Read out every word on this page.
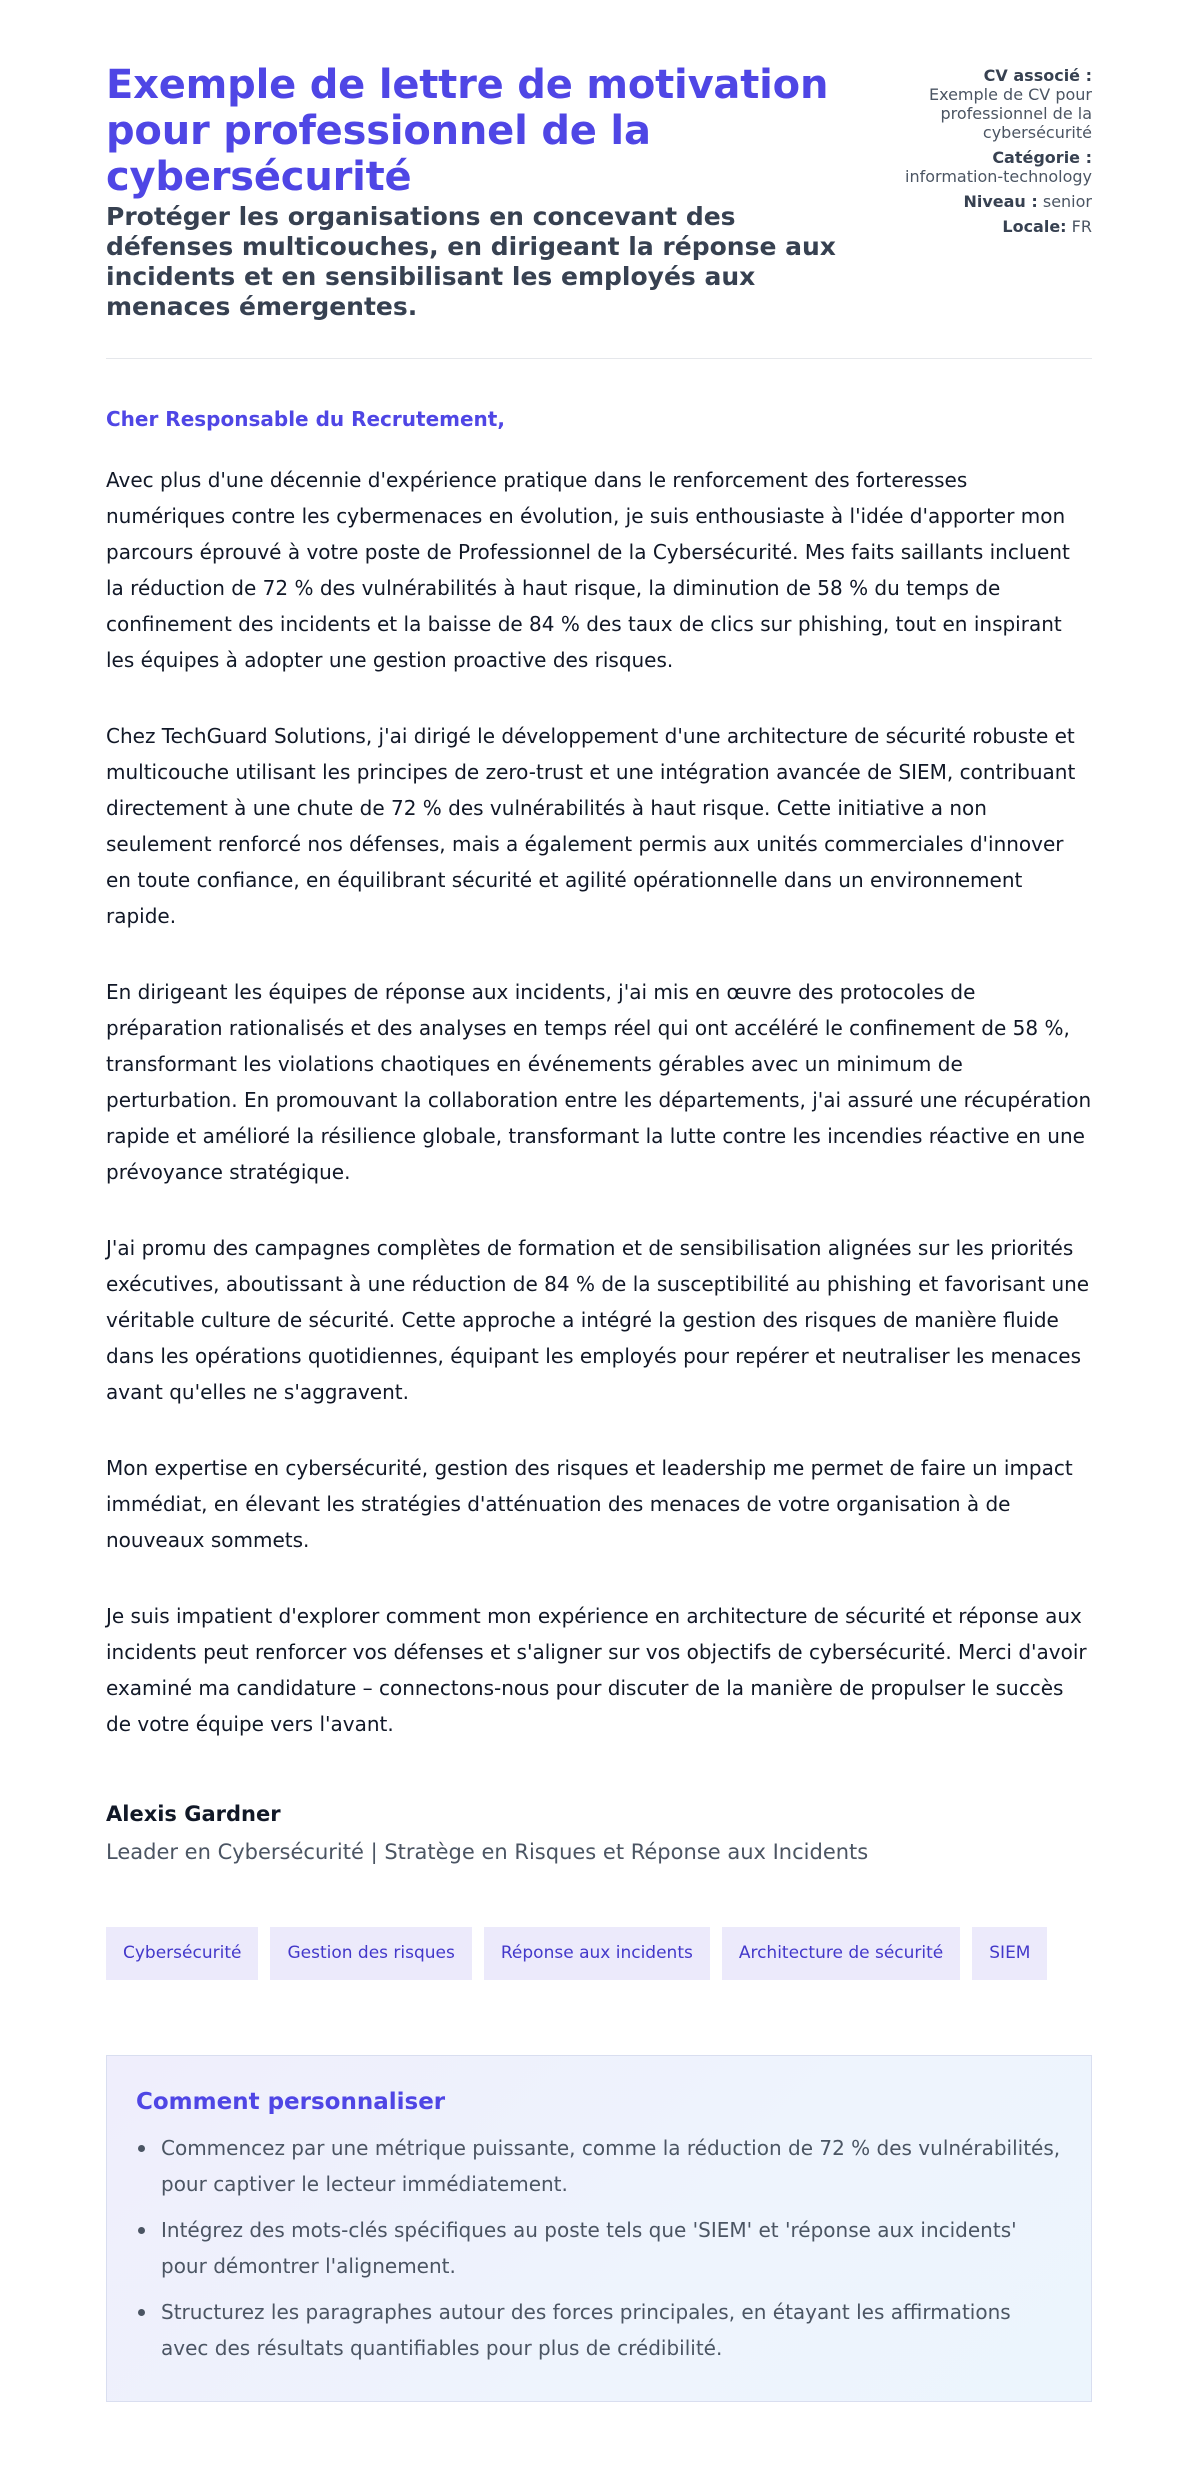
Exemple de lettre de motivation pour professionnel de la cybersécurité
Protéger les organisations en concevant des défenses multicouches, en dirigeant la réponse aux incidents et en sensibilisant les employés aux menaces émergentes.
CV associé :
Exemple de CV pour professionnel de la cybersécurité
Catégorie :
information-technology
Niveau : senior
Locale: FR

Cher Responsable du Recrutement,

Avec plus d'une décennie d'expérience pratique dans le renforcement des forteresses numériques contre les cybermenaces en évolution, je suis enthousiaste à l'idée d'apporter mon parcours éprouvé à votre poste de Professionnel de la Cybersécurité. Mes faits saillants incluent la réduction de 72 % des vulnérabilités à haut risque, la diminution de 58 % du temps de confinement des incidents et la baisse de 84 % des taux de clics sur phishing, tout en inspirant les équipes à adopter une gestion proactive des risques.

Chez TechGuard Solutions, j'ai dirigé le développement d'une architecture de sécurité robuste et multicouche utilisant les principes de zero-trust et une intégration avancée de SIEM, contribuant directement à une chute de 72 % des vulnérabilités à haut risque. Cette initiative a non seulement renforcé nos défenses, mais a également permis aux unités commerciales d'innover en toute confiance, en équilibrant sécurité et agilité opérationnelle dans un environnement rapide.

En dirigeant les équipes de réponse aux incidents, j'ai mis en œuvre des protocoles de préparation rationalisés et des analyses en temps réel qui ont accéléré le confinement de 58 %, transformant les violations chaotiques en événements gérables avec un minimum de perturbation. En promouvant la collaboration entre les départements, j'ai assuré une récupération rapide et amélioré la résilience globale, transformant la lutte contre les incendies réactive en une prévoyance stratégique.

J'ai promu des campagnes complètes de formation et de sensibilisation alignées sur les priorités exécutives, aboutissant à une réduction de 84 % de la susceptibilité au phishing et favorisant une véritable culture de sécurité. Cette approche a intégré la gestion des risques de manière fluide dans les opérations quotidiennes, équipant les employés pour repérer et neutraliser les menaces avant qu'elles ne s'aggravent.

Mon expertise en cybersécurité, gestion des risques et leadership me permet de faire un impact immédiat, en élevant les stratégies d'atténuation des menaces de votre organisation à de nouveaux sommets.

Je suis impatient d'explorer comment mon expérience en architecture de sécurité et réponse aux incidents peut renforcer vos défenses et s'aligner sur vos objectifs de cybersécurité. Merci d'avoir examiné ma candidature – connectons-nous pour discuter de la manière de propulser le succès de votre équipe vers l'avant.

Alexis Gardner
Leader en Cybersécurité | Stratège en Risques et Réponse aux Incidents
Cybersécurité	Gestion des risques	Réponse aux incidents	Architecture de sécurité	SIEM
Comment personnaliser
Commencez par une métrique puissante, comme la réduction de 72 % des vulnérabilités, pour captiver le lecteur immédiatement.
Intégrez des mots-clés spécifiques au poste tels que 'SIEM' et 'réponse aux incidents' pour démontrer l'alignement.
Structurez les paragraphes autour des forces principales, en étayant les affirmations avec des résultats quantifiables pour plus de crédibilité.
